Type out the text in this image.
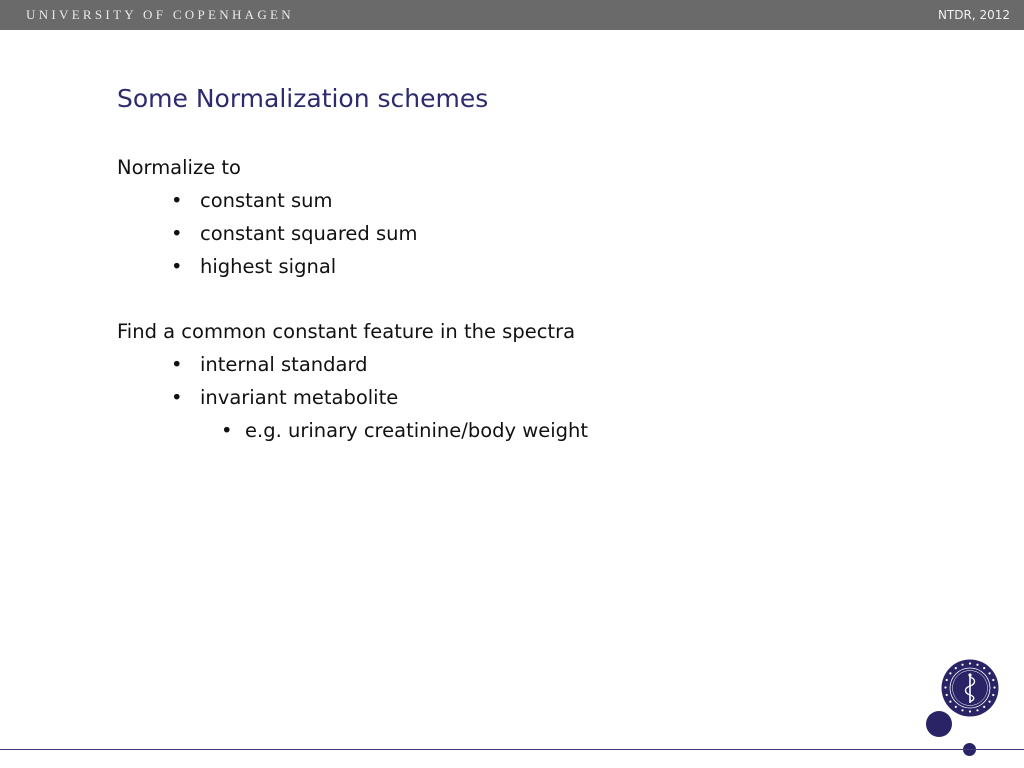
UNIVERSITY OF COPENHAGEN	NTDR, 2012
Some Normalization schemes
Normalize to
• constant sum
• constant squared sum
• highest signal
Find a common constant feature in the spectra
• internal standard
• invariant metabolite
• e.g. urinary creatinine/body weight
